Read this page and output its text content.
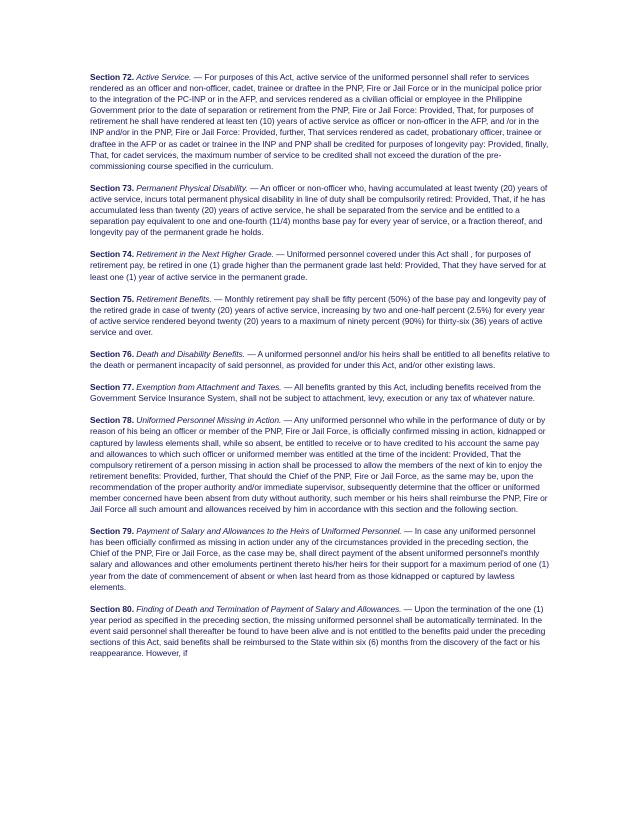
Section 72. Active Service. — For purposes of this Act, active service of the uniformed personnel shall refer to services rendered as an officer and non-officer, cadet, trainee or draftee in the PNP, Fire or Jail Force or in the municipal police prior to the integration of the PC-INP or in the AFP, and services rendered as a civilian official or employee in the Philippine Government prior to the date of separation or retirement from the PNP, Fire or Jail Force: Provided, That, for purposes of retirement he shall have rendered at least ten (10) years of active service as officer or non-officer in the AFP, and /or in the INP and/or in the PNP, Fire or Jail Force: Provided, further, That services rendered as cadet, probationary officer, trainee or draftee in the AFP or as cadet or trainee in the INP and PNP shall be credited for purposes of longevity pay: Provided, finally, That, for cadet services, the maximum number of service to be credited shall not exceed the duration of the pre-commissioning course specified in the curriculum.

Section 73. Permanent Physical Disability. — An officer or non-officer who, having accumulated at least twenty (20) years of active service, incurs total permanent physical disability in line of duty shall be compulsorily retired: Provided, That, if he has accumulated less than twenty (20) years of active service, he shall be separated from the service and be entitled to a separation pay equivalent to one and one-fourth (11/4) months base pay for every year of service, or a fraction thereof, and longevity pay of the permanent grade he holds.

Section 74. Retirement in the Next Higher Grade. — Uniformed personnel covered under this Act shall , for purposes of retirement pay, be retired in one (1) grade higher than the permanent grade last held: Provided, That they have served for at least one (1) year of active service in the permanent grade.

Section 75. Retirement Benefits. — Monthly retirement pay shall be fifty percent (50%) of the base pay and longevity pay of the retired grade in case of twenty (20) years of active service, increasing by two and one-half percent (2.5%) for every year of active service rendered beyond twenty (20) years to a maximum of ninety percent (90%) for thirty-six (36) years of active service and over.

Section 76. Death and Disability Benefits. — A uniformed personnel and/or his heirs shall be entitled to all benefits relative to the death or permanent incapacity of said personnel, as provided for under this Act, and/or other existing laws.

Section 77. Exemption from Attachment and Taxes. — All benefits granted by this Act, including benefits received from the Government Service Insurance System, shall not be subject to attachment, levy, execution or any tax of whatever nature.

Section 78. Uniformed Personnel Missing in Action. — Any uniformed personnel who while in the performance of duty or by reason of his being an officer or member of the PNP, Fire or Jail Force, is officially confirmed missing in action, kidnapped or captured by lawless elements shall, while so absent, be entitled to receive or to have credited to his account the same pay and allowances to which such officer or uniformed member was entitled at the time of the incident: Provided, That the compulsory retirement of a person missing in action shall be processed to allow the members of the next of kin to enjoy the retirement benefits: Provided, further, That should the Chief of the PNP, Fire or Jail Force, as the same may be, upon the recommendation of the proper authority and/or immediate supervisor, subsequently determine that the officer or uniformed member concerned have been absent from duty without authority, such member or his heirs shall reimburse the PNP, Fire or Jail Force all such amount and allowances received by him in accordance with this section and the following section.

Section 79. Payment of Salary and Allowances to the Heirs of Uniformed Personnel. — In case any uniformed personnel has been officially confirmed as missing in action under any of the circumstances provided in the preceding section, the Chief of the PNP, Fire or Jail Force, as the case may be, shall direct payment of the absent uniformed personnel's monthly salary and allowances and other emoluments pertinent thereto his/her heirs for their support for a maximum period of one (1) year from the date of commencement of absent or when last heard from as those kidnapped or captured by lawless elements.

Section 80. Finding of Death and Termination of Payment of Salary and Allowances. — Upon the termination of the one (1) year period as specified in the preceding section, the missing uniformed personnel shall be automatically terminated. In the event said personnel shall thereafter be found to have been alive and is not entitled to the benefits paid under the preceding sections of this Act, said benefits shall be reimbursed to the State within six (6) months from the discovery of the fact or his reappearance. However, if
